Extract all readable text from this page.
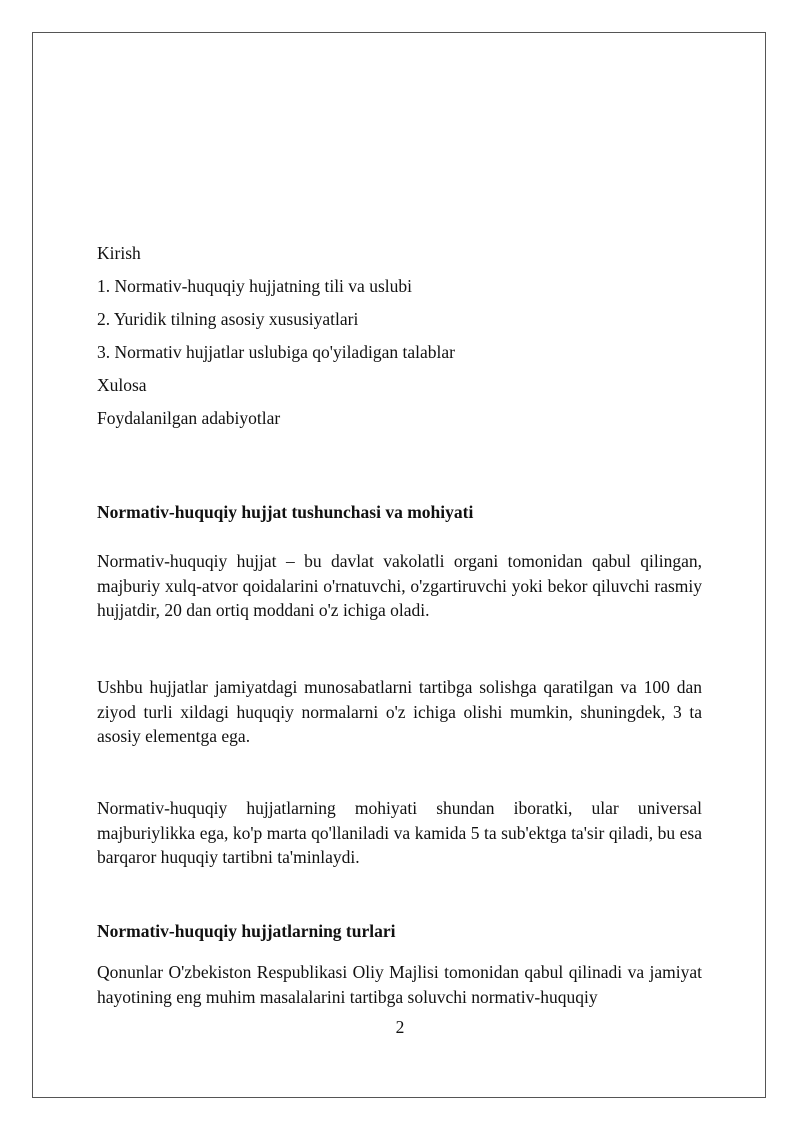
Kirish
1. Normativ-huquqiy hujjatning tili va uslubi
2. Yuridik tilning asosiy xususiyatlari
3. Normativ hujjatlar uslubiga qo'yiladigan talablar
Xulosa
Foydalanilgan adabiyotlar
Normativ-huquqiy hujjat tushunchasi va mohiyati

Normativ-huquqiy hujjat – bu davlat vakolatli organi tomonidan qabul qilingan, majburiy xulq-atvor qoidalarini o'rnatuvchi, o'zgartiruvchi yoki bekor qiluvchi rasmiy hujjatdir, 20 dan ortiq moddani o'z ichiga oladi.

Ushbu hujjatlar jamiyatdagi munosabatlarni tartibga solishga qaratilgan va 100 dan ziyod turli xildagi huquqiy normalarni o'z ichiga olishi mumkin, shuningdek, 3 ta asosiy elementga ega.

Normativ-huquqiy hujjatlarning mohiyati shundan iboratki, ular universal majburiylikka ega, ko'p marta qo'llaniladi va kamida 5 ta sub'ektga ta'sir qiladi, bu esa barqaror huquqiy tartibni ta'minlaydi.

Normativ-huquqiy hujjatlarning turlari

Qonunlar O'zbekiston Respublikasi Oliy Majlisi tomonidan qabul qilinadi va jamiyat hayotining eng muhim masalalarini tartibga soluvchi normativ-huquqiy

2
